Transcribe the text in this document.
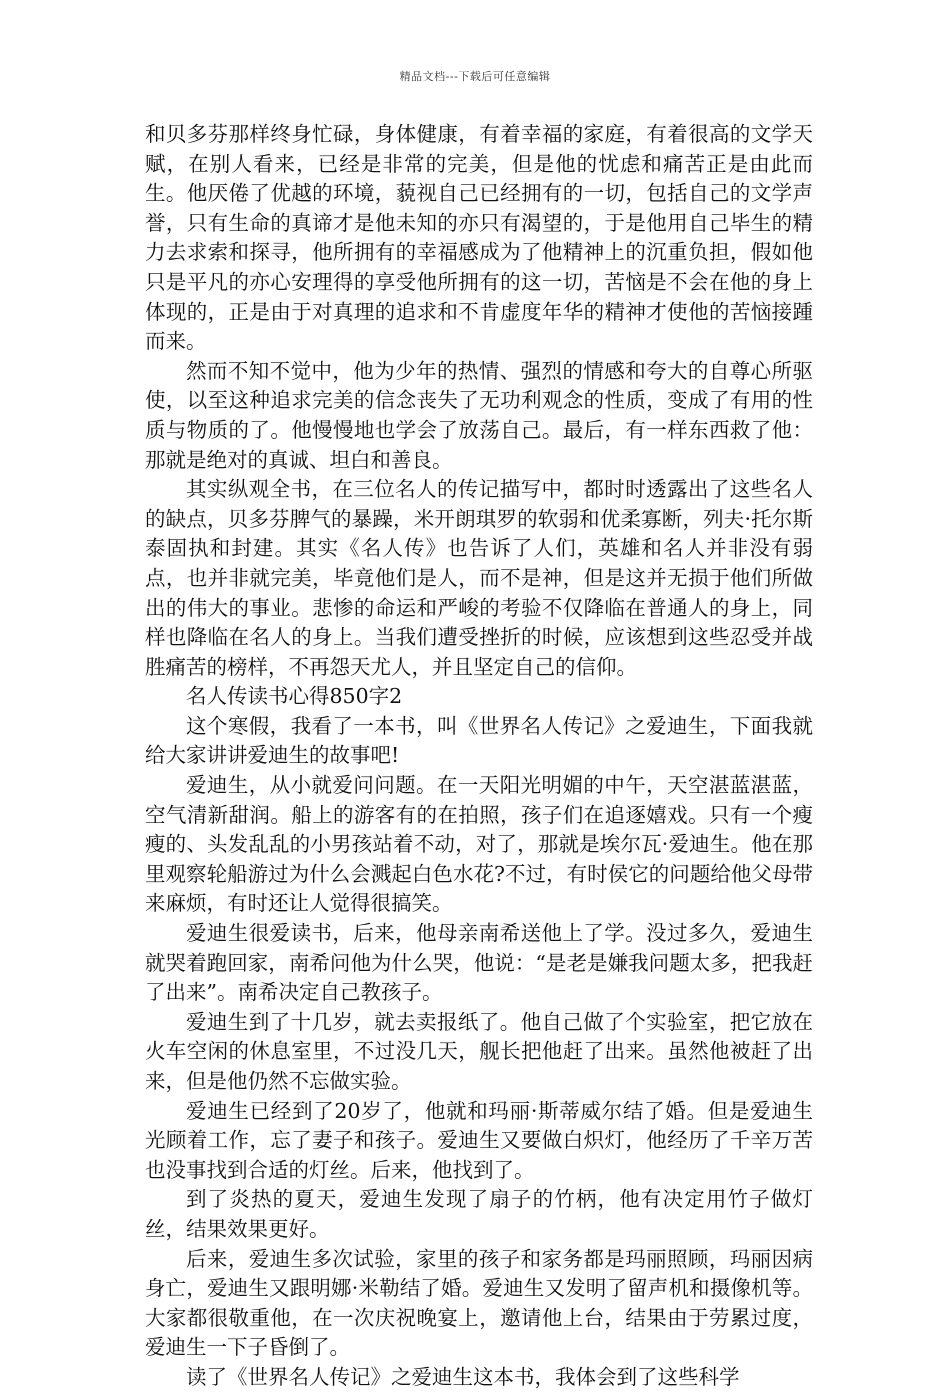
精品文档---下载后可任意编辑

和贝多芬那样终身忙碌，身体健康，有着幸福的家庭，有着很高的文学天赋，在别人看来，已经是非常的完美，但是他的忧虑和痛苦正是由此而生。他厌倦了优越的环境，藐视自己已经拥有的一切，包括自己的文学声誉，只有生命的真谛才是他未知的亦只有渴望的，于是他用自己毕生的精力去求索和探寻，他所拥有的幸福感成为了他精神上的沉重负担，假如他只是平凡的亦心安理得的享受他所拥有的这一切，苦恼是不会在他的身上体现的，正是由于对真理的追求和不肯虚度年华的精神才使他的苦恼接踵而来。

然而不知不觉中，他为少年的热情、强烈的情感和夸大的自尊心所驱使，以至这种追求完美的信念丧失了无功利观念的性质，变成了有用的性质与物质的了。他慢慢地也学会了放荡自己。最后，有一样东西救了他：那就是绝对的真诚、坦白和善良。

其实纵观全书，在三位名人的传记描写中，都时时透露出了这些名人的缺点，贝多芬脾气的暴躁，米开朗琪罗的软弱和优柔寡断，列夫·托尔斯泰固执和封建。其实《名人传》也告诉了人们，英雄和名人并非没有弱点，也并非就完美，毕竟他们是人，而不是神，但是这并无损于他们所做出的伟大的事业。悲惨的命运和严峻的考验不仅降临在普通人的身上，同样也降临在名人的身上。当我们遭受挫折的时候，应该想到这些忍受并战胜痛苦的榜样，不再怨天尤人，并且坚定自己的信仰。

名人传读书心得850字2

这个寒假，我看了一本书，叫《世界名人传记》之爱迪生，下面我就给大家讲讲爱迪生的故事吧!

爱迪生，从小就爱问问题。在一天阳光明媚的中午，天空湛蓝湛蓝，空气清新甜润。船上的游客有的在拍照，孩子们在追逐嬉戏。只有一个瘦瘦的、头发乱乱的小男孩站着不动，对了，那就是埃尔瓦·爱迪生。他在那里观察轮船游过为什么会溅起白色水花?不过，有时侯它的问题给他父母带来麻烦，有时还让人觉得很搞笑。

爱迪生很爱读书，后来，他母亲南希送他上了学。没过多久，爱迪生就哭着跑回家，南希问他为什么哭，他说：“是老是嫌我问题太多，把我赶了出来”。南希决定自己教孩子。

爱迪生到了十几岁，就去卖报纸了。他自己做了个实验室，把它放在火车空闲的休息室里，不过没几天，舰长把他赶了出来。虽然他被赶了出来，但是他仍然不忘做实验。

爱迪生已经到了20岁了，他就和玛丽·斯蒂威尔结了婚。但是爱迪生光顾着工作，忘了妻子和孩子。爱迪生又要做白炽灯，他经历了千辛万苦也没事找到合适的灯丝。后来，他找到了。

到了炎热的夏天，爱迪生发现了扇子的竹柄，他有决定用竹子做灯丝，结果效果更好。

后来，爱迪生多次试验，家里的孩子和家务都是玛丽照顾，玛丽因病身亡，爱迪生又跟明娜·米勒结了婚。爱迪生又发明了留声机和摄像机等。大家都很敬重他，在一次庆祝晚宴上，邀请他上台，结果由于劳累过度，爱迪生一下子昏倒了。

读了《世界名人传记》之爱迪生这本书，我体会到了这些科学
